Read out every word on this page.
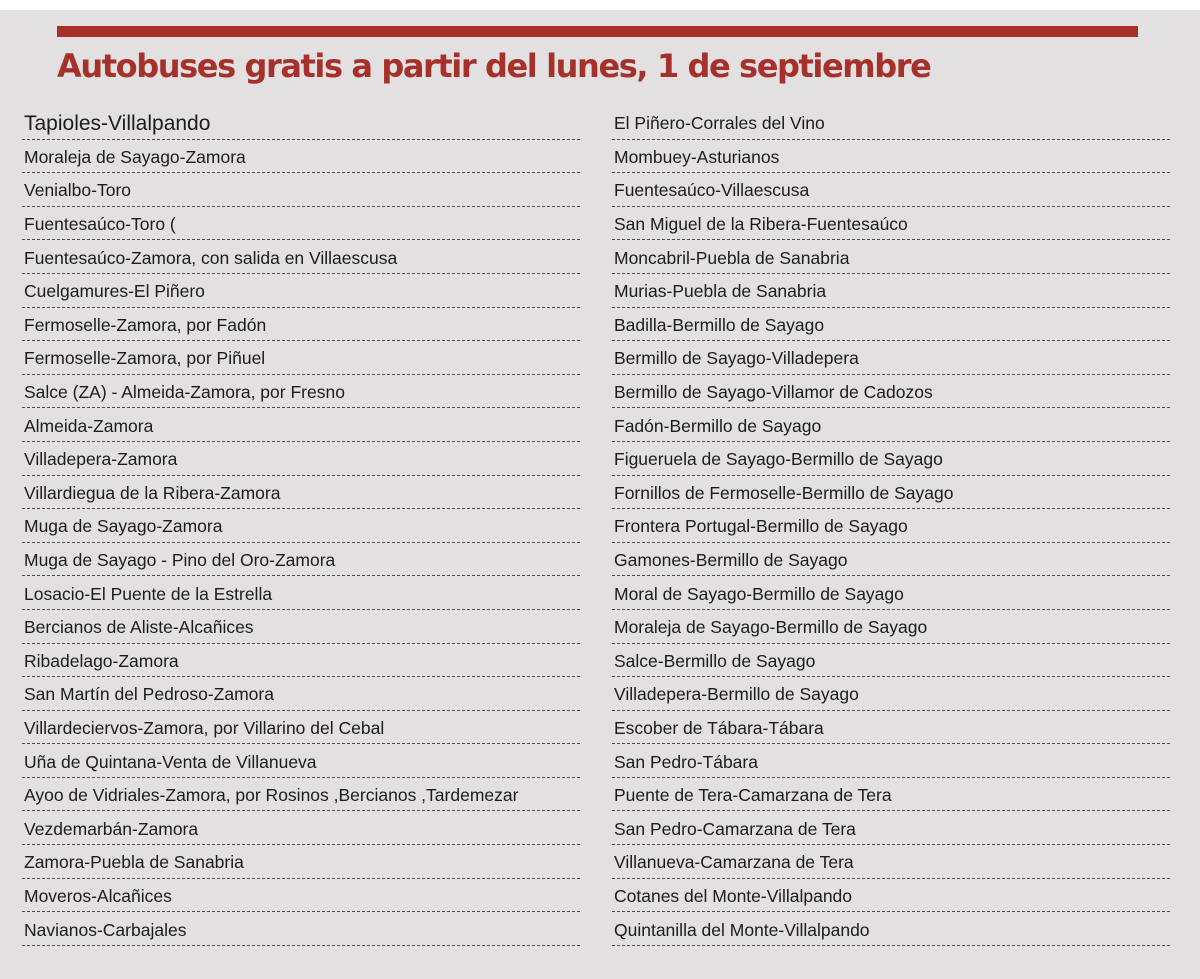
Autobuses gratis a partir del lunes, 1 de septiembre
Tapioles-Villalpando
Moraleja de Sayago-Zamora
Venialbo-Toro
Fuentesaúco-Toro (
Fuentesaúco-Zamora, con salida en Villaescusa
Cuelgamures-El Piñero
Fermoselle-Zamora, por Fadón
Fermoselle-Zamora, por Piñuel
Salce (ZA) - Almeida-Zamora, por Fresno
Almeida-Zamora
Villadepera-Zamora
Villardiegua de la Ribera-Zamora
Muga de Sayago-Zamora
Muga de Sayago - Pino del Oro-Zamora
Losacio-El Puente de la Estrella
Bercianos de Aliste-Alcañices
Ribadelago-Zamora
San Martín del Pedroso-Zamora
Villardeciervos-Zamora, por Villarino del Cebal
Uña de Quintana-Venta de Villanueva
Ayoo de Vidriales-Zamora, por Rosinos ,Bercianos ,Tardemezar
Vezdemarbán-Zamora
Zamora-Puebla de Sanabria
Moveros-Alcañices
Navianos-Carbajales
El Piñero-Corrales del Vino
Mombuey-Asturianos
Fuentesaúco-Villaescusa
San Miguel de la Ribera-Fuentesaúco
Moncabril-Puebla de Sanabria
Murias-Puebla de Sanabria
Badilla-Bermillo de Sayago
Bermillo de Sayago-Villadepera
Bermillo de Sayago-Villamor de Cadozos
Fadón-Bermillo de Sayago
Figueruela de Sayago-Bermillo de Sayago
Fornillos de Fermoselle-Bermillo de Sayago
Frontera Portugal-Bermillo de Sayago
Gamones-Bermillo de Sayago
Moral de Sayago-Bermillo de Sayago
Moraleja de Sayago-Bermillo de Sayago
Salce-Bermillo de Sayago
Villadepera-Bermillo de Sayago
Escober de Tábara-Tábara
San Pedro-Tábara
Puente de Tera-Camarzana de Tera
San Pedro-Camarzana de Tera
Villanueva-Camarzana de Tera
Cotanes del Monte-Villalpando
Quintanilla del Monte-Villalpando
